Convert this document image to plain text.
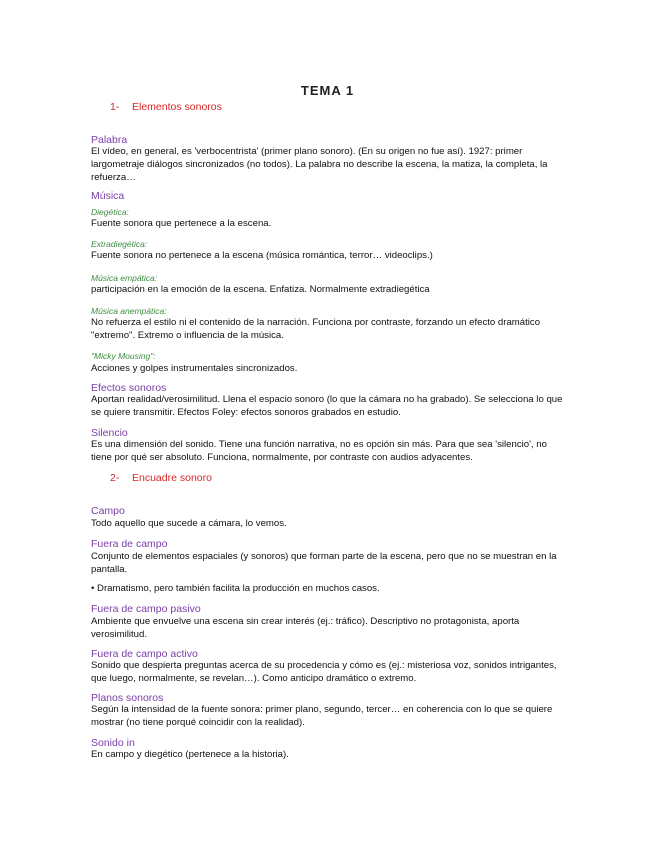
TEMA 1
1- Elementos sonoros
Palabra
El vídeo, en general, es 'verbocentrista' (primer plano sonoro). (En su origen no fue así). 1927: primer largometraje diálogos sincronizados (no todos). La palabra no describe la escena, la matiza, la completa, la refuerza…
Música
Diegética:
Fuente sonora que pertenece a la escena.
Extradiegética:
Fuente sonora no pertenece a la escena (música romántica, terror… videoclips.)
Música empática:
participación en la emoción de la escena. Enfatiza. Normalmente extradiegética
Música anempática:
No refuerza el estilo ni el contenido de la narración. Funciona por contraste, forzando un efecto dramático "extremo". Extremo o influencia de la música.
"Micky Mousing":
Acciones y golpes instrumentales sincronizados.
Efectos sonoros
Aportan realidad/verosimilitud. Llena el espacio sonoro (lo que la cámara no ha grabado). Se selecciona lo que se quiere transmitir. Efectos Foley: efectos sonoros grabados en estudio.
Silencio
Es una dimensión del sonido. Tiene una función narrativa, no es opción sin más. Para que sea 'silencio', no tiene por qué ser absoluto. Funciona, normalmente, por contraste con audios adyacentes.
2- Encuadre sonoro
Campo
Todo aquello que sucede a cámara, lo vemos.
Fuera de campo
Conjunto de elementos espaciales (y sonoros) que forman parte de la escena, pero que no se muestran en la pantalla.
• Dramatismo, pero también facilita la producción en muchos casos.
Fuera de campo pasivo
Ambiente que envuelve una escena sin crear interés (ej.: tráfico). Descriptivo no protagonista, aporta verosimilitud.
Fuera de campo activo
Sonido que despierta preguntas acerca de su procedencia y cómo es (ej.: misteriosa voz, sonidos intrigantes, que luego, normalmente, se revelan…). Como anticipo dramático o extremo.
Planos sonoros
Según la intensidad de la fuente sonora: primer plano, segundo, tercer… en coherencia con lo que se quiere mostrar (no tiene porqué coincidir con la realidad).
Sonido in
En campo y diegético (pertenece a la historia).
